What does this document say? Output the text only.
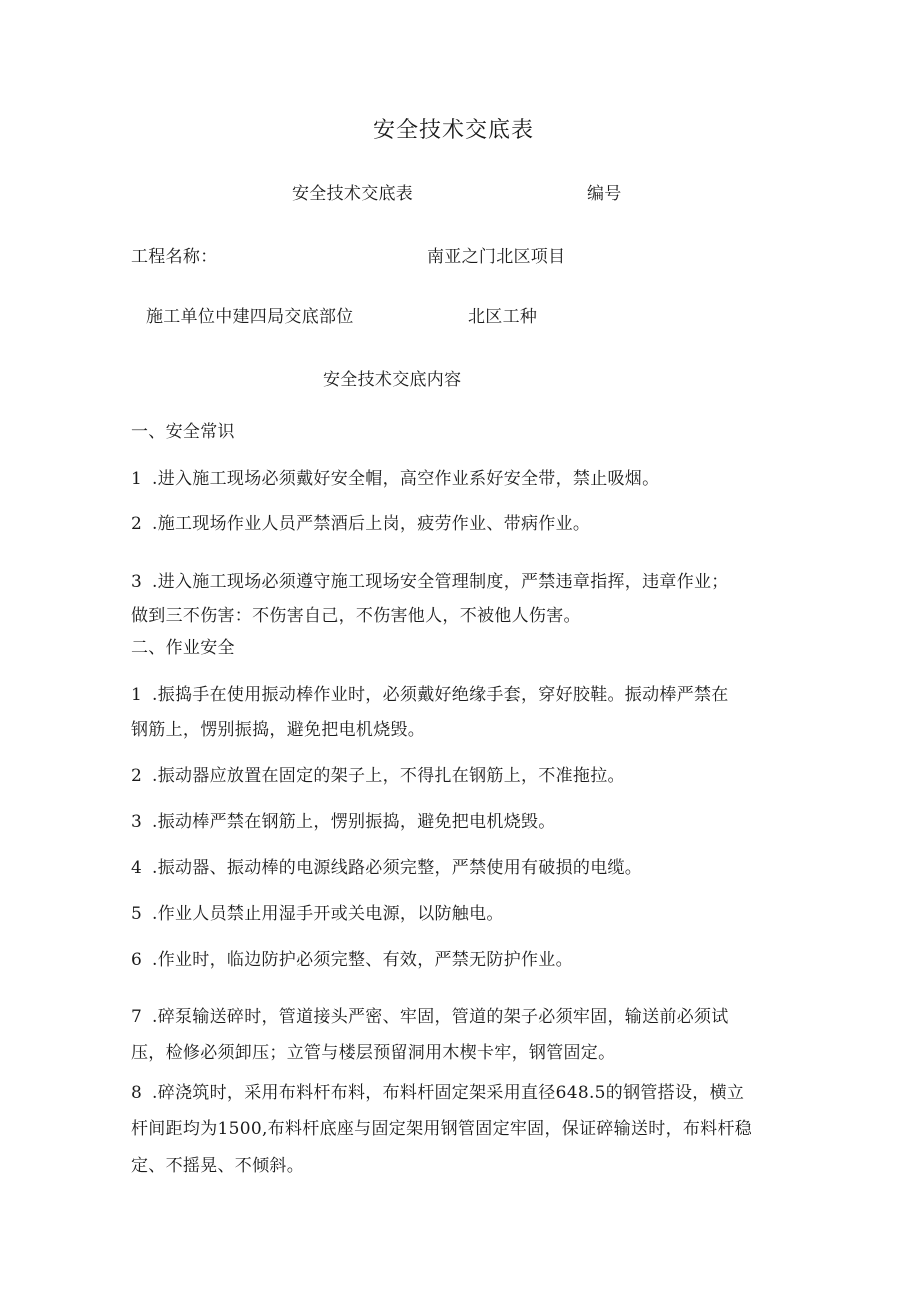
安全技术交底表
安全技术交底表	编号
工程名称：	南亚之门北区项目
施工单位中建四局交底部位	北区工种
安全技术交底内容
一、安全常识
1 .进入施工现场必须戴好安全帽，高空作业系好安全带，禁止吸烟。
2 .施工现场作业人员严禁酒后上岗，疲劳作业、带病作业。
3 .进入施工现场必须遵守施工现场安全管理制度，严禁违章指挥，违章作业；
做到三不伤害：不伤害自己，不伤害他人，不被他人伤害。
二、作业安全
1 .振捣手在使用振动棒作业时，必须戴好绝缘手套，穿好胶鞋。振动棒严禁在
钢筋上，愣别振捣，避免把电机烧毁。
2 .振动器应放置在固定的架子上，不得扎在钢筋上，不准拖拉。
3 .振动棒严禁在钢筋上，愣别振捣，避免把电机烧毁。
4 .振动器、振动棒的电源线路必须完整，严禁使用有破损的电缆。
5 .作业人员禁止用湿手开或关电源，以防触电。
6 .作业时，临边防护必须完整、有效，严禁无防护作业。
7 .碎泵输送碎时，管道接头严密、牢固，管道的架子必须牢固，输送前必须试
压，检修必须卸压；立管与楼层预留洞用木楔卡牢，钢管固定。
8 .碎浇筑时，采用布料杆布料，布料杆固定架采用直径648.5的钢管搭设，横立
杆间距均为1500,布料杆底座与固定架用钢管固定牢固，保证碎输送时，布料杆稳
定、不摇晃、不倾斜。
